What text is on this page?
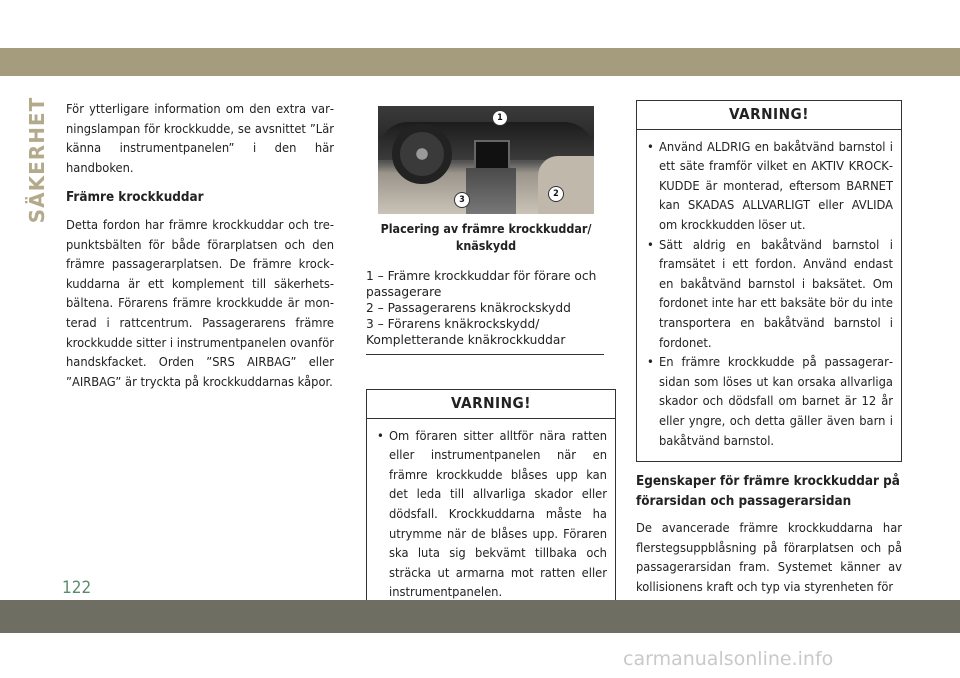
SÄKERHET För ytterligare information om den extra varningslampan för krockkudde, se avsnittet ”Lär känna instrumentpanelen” i den här handboken.

Främre krockkuddar

Detta fordon har främre krockkuddar och trepunktsbälten för både förarplatsen och den främre passagerarplatsen. De främre krockkuddarna är ett komplement till säkerhetsbältena. Förarens främre krockkudde är monterad i rattcentrum. Passagerarens främre krockkudde sitter i instrumentpanelen ovanför handskfacket. Orden ”SRS AIRBAG” eller ”AIRBAG” är tryckta på krockkuddarnas kåpor.

1
2
3
Placering av främre krockkuddar/ knäskydd
1 – Främre krockkuddar för förare och passagerare
2 – Passagerarens knäkrockskydd
3 – Förarens knäkrockskydd/ Kompletterande knäkrockkuddar
VARNING!
• Om föraren sitter alltför nära ratten eller instrumentpanelen när en främre krockkudde blåses upp kan det leda till allvarliga skador eller dödsfall. Krockkuddarna måste ha utrymme när de blåses upp. Föraren ska luta sig bekvämt tillbaka och sträcka ut armarna mot ratten eller instrumentpanelen.
VARNING!
• Använd ALDRIG en bakåtvänd barnstol i ett säte framför vilket en AKTIV KROCKKUDDE är monterad, eftersom BARNET kan SKADAS ALLVARLIGT eller AVLIDA om krockkudden löser ut.
• Sätt aldrig en bakåtvänd barnstol i framsätet i ett fordon. Använd endast en bakåtvänd barnstol i baksätet. Om fordonet inte har ett baksäte bör du inte transportera en bakåtvänd barnstol i fordonet.
• En främre krockkudde på passagerarsidan som löses ut kan orsaka allvarliga skador och dödsfall om barnet är 12 år eller yngre, och detta gäller även barn i bakåtvänd barnstol.
Egenskaper för främre krockkuddar på förarsidan och passagerarsidan

De avancerade främre krockkuddarna har flerstegsuppblåsning på förarplatsen och på passagerarsidan fram. Systemet känner av kollisionens kraft och typ via styrenheten för

122
carmanualsonline.info
